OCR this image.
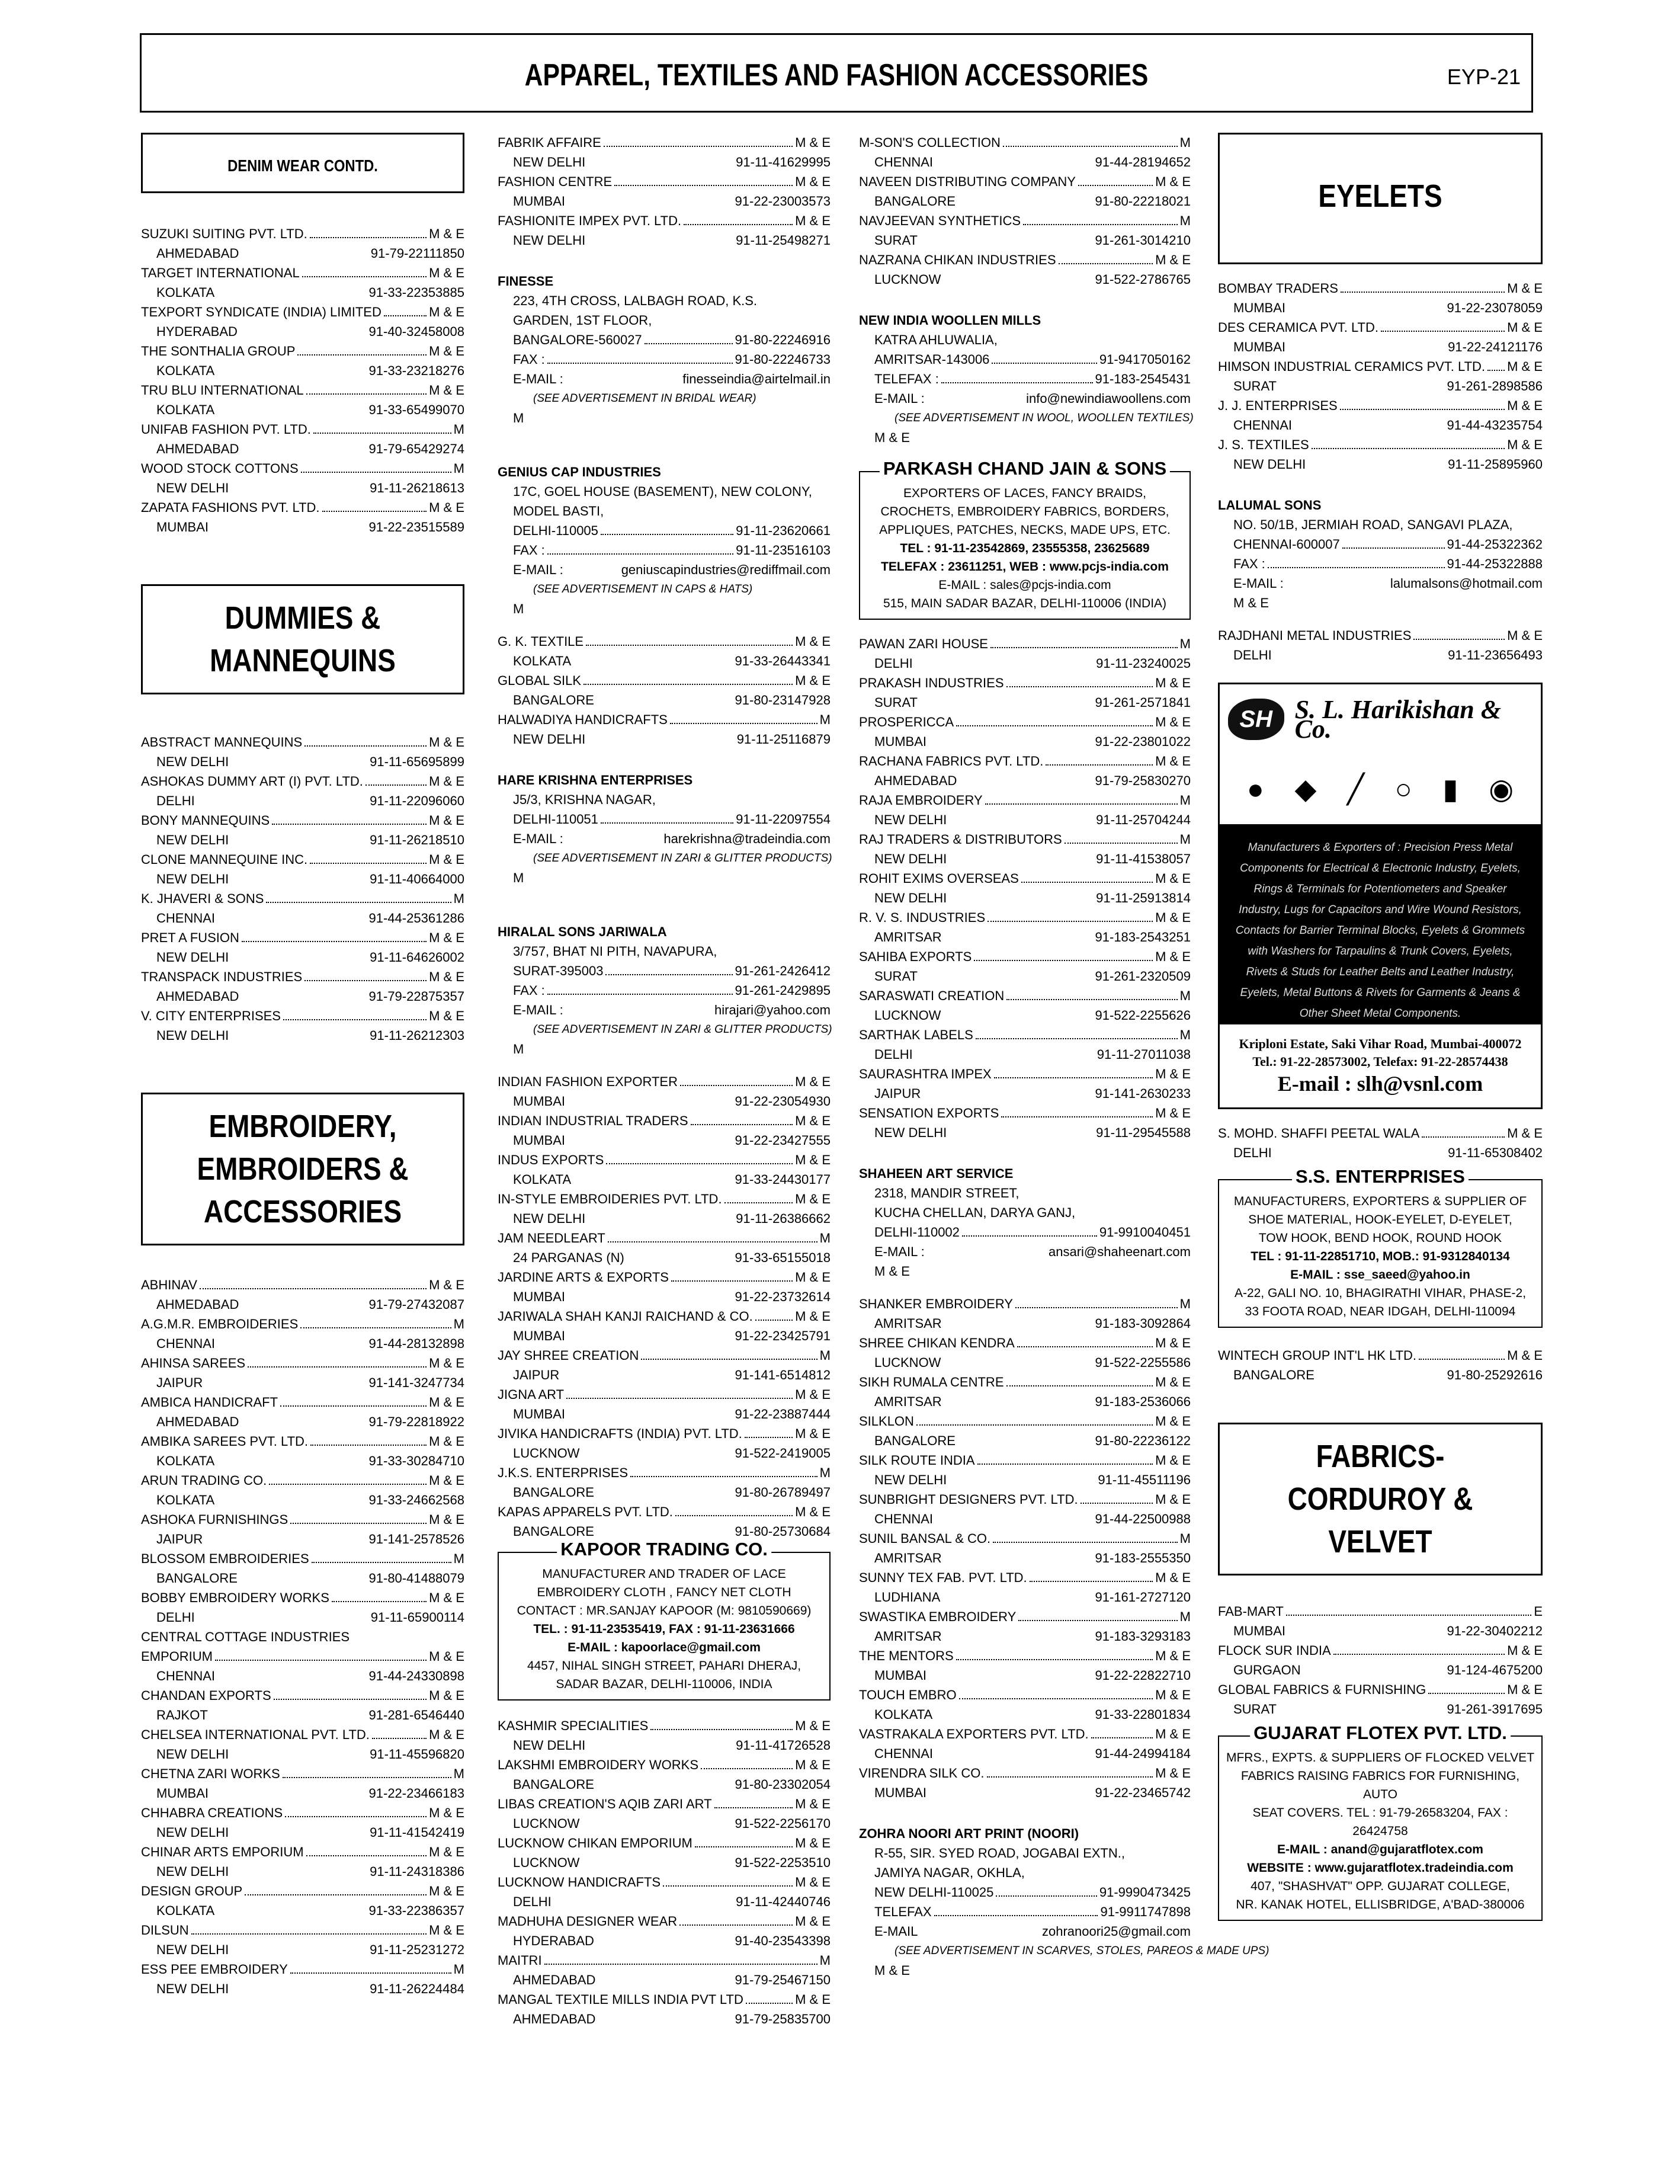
APPAREL, TEXTILES AND FASHION ACCESSORIES	EYP-21
DENIM WEAR CONTD.
SUZUKI SUITING PVT. LTD.	M & E
AHMEDABAD	91-79-22111850
TARGET INTERNATIONAL	M & E
KOLKATA	91-33-22353885
TEXPORT SYNDICATE (INDIA) LIMITED	M & E
HYDERABAD	91-40-32458008
THE SONTHALIA GROUP	M & E
KOLKATA	91-33-23218276
TRU BLU INTERNATIONAL	M & E
KOLKATA	91-33-65499070
UNIFAB FASHION PVT. LTD.	M
AHMEDABAD	91-79-65429274
WOOD STOCK COTTONS	M
NEW DELHI	91-11-26218613
ZAPATA FASHIONS PVT. LTD.	M & E
MUMBAI	91-22-23515589
DUMMIES &
MANNEQUINS
ABSTRACT MANNEQUINS	M & E
NEW DELHI	91-11-65695899
ASHOKAS DUMMY ART (I) PVT. LTD.	M & E
DELHI	91-11-22096060
BONY MANNEQUINS	M & E
NEW DELHI	91-11-26218510
CLONE MANNEQUINE INC.	M & E
NEW DELHI	91-11-40664000
K. JHAVERI & SONS	M
CHENNAI	91-44-25361286
PRET A FUSION	M & E
NEW DELHI	91-11-64626002
TRANSPACK INDUSTRIES	M & E
AHMEDABAD	91-79-22875357
V. CITY ENTERPRISES	M & E
NEW DELHI	91-11-26212303
EMBROIDERY,
EMBROIDERS &
ACCESSORIES
ABHINAV	M & E
AHMEDABAD	91-79-27432087
A.G.M.R. EMBROIDERIES	M
CHENNAI	91-44-28132898
AHINSA SAREES	M & E
JAIPUR	91-141-3247734
AMBICA HANDICRAFT	M & E
AHMEDABAD	91-79-22818922
AMBIKA SAREES PVT. LTD.	M & E
KOLKATA	91-33-30284710
ARUN TRADING CO.	M & E
KOLKATA	91-33-24662568
ASHOKA FURNISHINGS	M & E
JAIPUR	91-141-2578526
BLOSSOM EMBROIDERIES	M
BANGALORE	91-80-41488079
BOBBY EMBROIDERY WORKS	M & E
DELHI	91-11-65900114
CENTRAL COTTAGE INDUSTRIES
EMPORIUM	M & E
CHENNAI	91-44-24330898
CHANDAN EXPORTS	M & E
RAJKOT	91-281-6546440
CHELSEA INTERNATIONAL PVT. LTD.	M & E
NEW DELHI	91-11-45596820
CHETNA ZARI WORKS	M
MUMBAI	91-22-23466183
CHHABRA CREATIONS	M & E
NEW DELHI	91-11-41542419
CHINAR ARTS EMPORIUM	M & E
NEW DELHI	91-11-24318386
DESIGN GROUP	M & E
KOLKATA	91-33-22386357
DILSUN	M & E
NEW DELHI	91-11-25231272
ESS PEE EMBROIDERY	M
NEW DELHI	91-11-26224484
FABRIK AFFAIRE	M & E
NEW DELHI	91-11-41629995
FASHION CENTRE	M & E
MUMBAI	91-22-23003573
FASHIONITE IMPEX PVT. LTD.	M & E
NEW DELHI	91-11-25498271
FINESSE
223, 4TH CROSS, LALBAGH ROAD, K.S.
GARDEN, 1ST FLOOR,
BANGALORE-560027	91-80-22246916
FAX :	91-80-22246733
E-MAIL :	finesseindia@airtelmail.in
(SEE ADVERTISEMENT IN BRIDAL WEAR)
M
GENIUS CAP INDUSTRIES
17C, GOEL HOUSE (BASEMENT), NEW COLONY,
MODEL BASTI,
DELHI-110005	91-11-23620661
FAX :	91-11-23516103
E-MAIL :	geniuscapindustries@rediffmail.com
(SEE ADVERTISEMENT IN CAPS & HATS)
M
G. K. TEXTILE	M & E
KOLKATA	91-33-26443341
GLOBAL SILK	M & E
BANGALORE	91-80-23147928
HALWADIYA HANDICRAFTS	M
NEW DELHI	91-11-25116879
HARE KRISHNA ENTERPRISES
J5/3, KRISHNA NAGAR,
DELHI-110051	91-11-22097554
E-MAIL :	harekrishna@tradeindia.com
(SEE ADVERTISEMENT IN ZARI & GLITTER PRODUCTS)
M
HIRALAL SONS JARIWALA
3/757, BHAT NI PITH, NAVAPURA,
SURAT-395003	91-261-2426412
FAX :	91-261-2429895
E-MAIL :	hirajari@yahoo.com
(SEE ADVERTISEMENT IN ZARI & GLITTER PRODUCTS)
M
INDIAN FASHION EXPORTER	M & E
MUMBAI	91-22-23054930
INDIAN INDUSTRIAL TRADERS	M & E
MUMBAI	91-22-23427555
INDUS EXPORTS	M & E
KOLKATA	91-33-24430177
IN-STYLE EMBROIDERIES PVT. LTD.	M & E
NEW DELHI	91-11-26386662
JAM NEEDLEART	M
24 PARGANAS (N)	91-33-65155018
JARDINE ARTS & EXPORTS	M & E
MUMBAI	91-22-23732614
JARIWALA SHAH KANJI RAICHAND & CO.	M & E
MUMBAI	91-22-23425791
JAY SHREE CREATION	M
JAIPUR	91-141-6514812
JIGNA ART	M & E
MUMBAI	91-22-23887444
JIVIKA HANDICRAFTS (INDIA) PVT. LTD.	M & E
LUCKNOW	91-522-2419005
J.K.S. ENTERPRISES	M
BANGALORE	91-80-26789497
KAPAS APPARELS PVT. LTD.	M & E
BANGALORE	91-80-25730684
KAPOOR TRADING CO.
MANUFACTURER AND TRADER OF LACE
EMBROIDERY CLOTH , FANCY NET CLOTH
CONTACT : MR.SANJAY KAPOOR (M: 9810590669)
TEL. : 91-11-23535419, FAX : 91-11-23631666
E-MAIL : kapoorlace@gmail.com
4457, NIHAL SINGH STREET, PAHARI DHERAJ,
SADAR BAZAR, DELHI-110006, INDIA
KASHMIR SPECIALITIES	M & E
NEW DELHI	91-11-41726528
LAKSHMI EMBROIDERY WORKS	M & E
BANGALORE	91-80-23302054
LIBAS CREATION'S AQIB ZARI ART	M & E
LUCKNOW	91-522-2256170
LUCKNOW CHIKAN EMPORIUM	M & E
LUCKNOW	91-522-2253510
LUCKNOW HANDICRAFTS	M & E
DELHI	91-11-42440746
MADHUHA DESIGNER WEAR	M & E
HYDERABAD	91-40-23543398
MAITRI	M
AHMEDABAD	91-79-25467150
MANGAL TEXTILE MILLS INDIA PVT LTD	M & E
AHMEDABAD	91-79-25835700
M-SON'S COLLECTION	M
CHENNAI	91-44-28194652
NAVEEN DISTRIBUTING COMPANY	M & E
BANGALORE	91-80-22218021
NAVJEEVAN SYNTHETICS	M
SURAT	91-261-3014210
NAZRANA CHIKAN INDUSTRIES	M & E
LUCKNOW	91-522-2786765
NEW INDIA WOOLLEN MILLS
KATRA AHLUWALIA,
AMRITSAR-143006	91-9417050162
TELEFAX :	91-183-2545431
E-MAIL :	info@newindiawoollens.com
(SEE ADVERTISEMENT IN WOOL, WOOLLEN TEXTILES)
M & E
PARKASH CHAND JAIN & SONS
EXPORTERS OF LACES, FANCY BRAIDS,
CROCHETS, EMBROIDERY FABRICS, BORDERS,
APPLIQUES, PATCHES, NECKS, MADE UPS, ETC.
TEL : 91-11-23542869, 23555358, 23625689
TELEFAX : 23611251, WEB : www.pcjs-india.com
E-MAIL : sales@pcjs-india.com
515, MAIN SADAR BAZAR, DELHI-110006 (INDIA)
PAWAN ZARI HOUSE	M
DELHI	91-11-23240025
PRAKASH INDUSTRIES	M & E
SURAT	91-261-2571841
PROSPERICCA	M & E
MUMBAI	91-22-23801022
RACHANA FABRICS PVT. LTD.	M & E
AHMEDABAD	91-79-25830270
RAJA EMBROIDERY	M
NEW DELHI	91-11-25704244
RAJ TRADERS & DISTRIBUTORS	M
NEW DELHI	91-11-41538057
ROHIT EXIMS OVERSEAS	M & E
NEW DELHI	91-11-25913814
R. V. S. INDUSTRIES	M & E
AMRITSAR	91-183-2543251
SAHIBA EXPORTS	M & E
SURAT	91-261-2320509
SARASWATI CREATION	M
LUCKNOW	91-522-2255626
SARTHAK LABELS	M
DELHI	91-11-27011038
SAURASHTRA IMPEX	M & E
JAIPUR	91-141-2630233
SENSATION EXPORTS	M & E
NEW DELHI	91-11-29545588
SHAHEEN ART SERVICE
2318, MANDIR STREET,
KUCHA CHELLAN, DARYA GANJ,
DELHI-110002	91-9910040451
E-MAIL :	ansari@shaheenart.com
M & E
SHANKER EMBROIDERY	M
AMRITSAR	91-183-3092864
SHREE CHIKAN KENDRA	M & E
LUCKNOW	91-522-2255586
SIKH RUMALA CENTRE	M & E
AMRITSAR	91-183-2536066
SILKLON	M & E
BANGALORE	91-80-22236122
SILK ROUTE INDIA	M & E
NEW DELHI	91-11-45511196
SUNBRIGHT DESIGNERS PVT. LTD.	M & E
CHENNAI	91-44-22500988
SUNIL BANSAL & CO.	M
AMRITSAR	91-183-2555350
SUNNY TEX FAB. PVT. LTD.	M & E
LUDHIANA	91-161-2727120
SWASTIKA EMBROIDERY	M
AMRITSAR	91-183-3293183
THE MENTORS	M & E
MUMBAI	91-22-22822710
TOUCH EMBRO	M & E
KOLKATA	91-33-22801834
VASTRAKALA EXPORTERS PVT. LTD.	M & E
CHENNAI	91-44-24994184
VIRENDRA SILK CO.	M & E
MUMBAI	91-22-23465742
ZOHRA NOORI ART PRINT (NOORI)
R-55, SIR. SYED ROAD, JOGABAI EXTN.,
JAMIYA NAGAR, OKHLA,
NEW DELHI-110025	91-9990473425
TELEFAX	91-9911747898
E-MAIL	zohranoori25@gmail.com
(SEE ADVERTISEMENT IN SCARVES, STOLES, PAREOS & MADE UPS)
M & E
EYELETS
BOMBAY TRADERS	M & E
MUMBAI	91-22-23078059
DES CERAMICA PVT. LTD.	M & E
MUMBAI	91-22-24121176
HIMSON INDUSTRIAL CERAMICS PVT. LTD. M & E
SURAT	91-261-2898586
J. J. ENTERPRISES	M & E
CHENNAI	91-44-43235754
J. S. TEXTILES	M & E
NEW DELHI	91-11-25895960
LALUMAL SONS
NO. 50/1B, JERMIAH ROAD, SANGAVI PLAZA,
CHENNAI-600007	91-44-25322362
FAX :	91-44-25322888
E-MAIL :	lalumalsons@hotmail.com
M & E
RAJDHANI METAL INDUSTRIES	M & E
DELHI	91-11-23656493
SH S. L. Harikishan & Co.
● ◆ ╱ ○ ▮ ◉
Manufacturers & Exporters of : Precision Press Metal Components for Electrical & Electronic Industry, Eyelets, Rings & Terminals for Potentiometers and Speaker Industry, Lugs for Capacitors and Wire Wound Resistors, Contacts for Barrier Terminal Blocks, Eyelets & Grommets with Washers for Tarpaulins & Trunk Covers, Eyelets, Rivets & Studs for Leather Belts and Leather Industry, Eyelets, Metal Buttons & Rivets for Garments & Jeans & Other Sheet Metal Components.
Kriploni Estate, Saki Vihar Road, Mumbai-400072
Tel.: 91-22-28573002, Telefax: 91-22-28574438
E-mail : slh@vsnl.com
S. MOHD. SHAFFI PEETAL WALA	M & E
DELHI	91-11-65308402
S.S. ENTERPRISES
MANUFACTURERS, EXPORTERS & SUPPLIER OF
SHOE MATERIAL, HOOK-EYELET, D-EYELET,
TOW HOOK, BEND HOOK, ROUND HOOK
TEL : 91-11-22851710, MOB.: 91-9312840134
E-MAIL : sse_saeed@yahoo.in
A-22, GALI NO. 10, BHAGIRATHI VIHAR, PHASE-2,
33 FOOTA ROAD, NEAR IDGAH, DELHI-110094
WINTECH GROUP INT'L HK LTD.	M & E
BANGALORE	91-80-25292616
FABRICS-
CORDUROY &
VELVET
FAB-MART	E
MUMBAI	91-22-30402212
FLOCK SUR INDIA	M & E
GURGAON	91-124-4675200
GLOBAL FABRICS & FURNISHING	M & E
SURAT	91-261-3917695
GUJARAT FLOTEX PVT. LTD.
MFRS., EXPTS. & SUPPLIERS OF FLOCKED VELVET
FABRICS RAISING FABRICS FOR FURNISHING, AUTO
SEAT COVERS. TEL : 91-79-26583204, FAX : 26424758
E-MAIL : anand@gujaratflotex.com
WEBSITE : www.gujaratflotex.tradeindia.com
407, "SHASHVAT" OPP. GUJARAT COLLEGE,
NR. KANAK HOTEL, ELLISBRIDGE, A'BAD-380006
